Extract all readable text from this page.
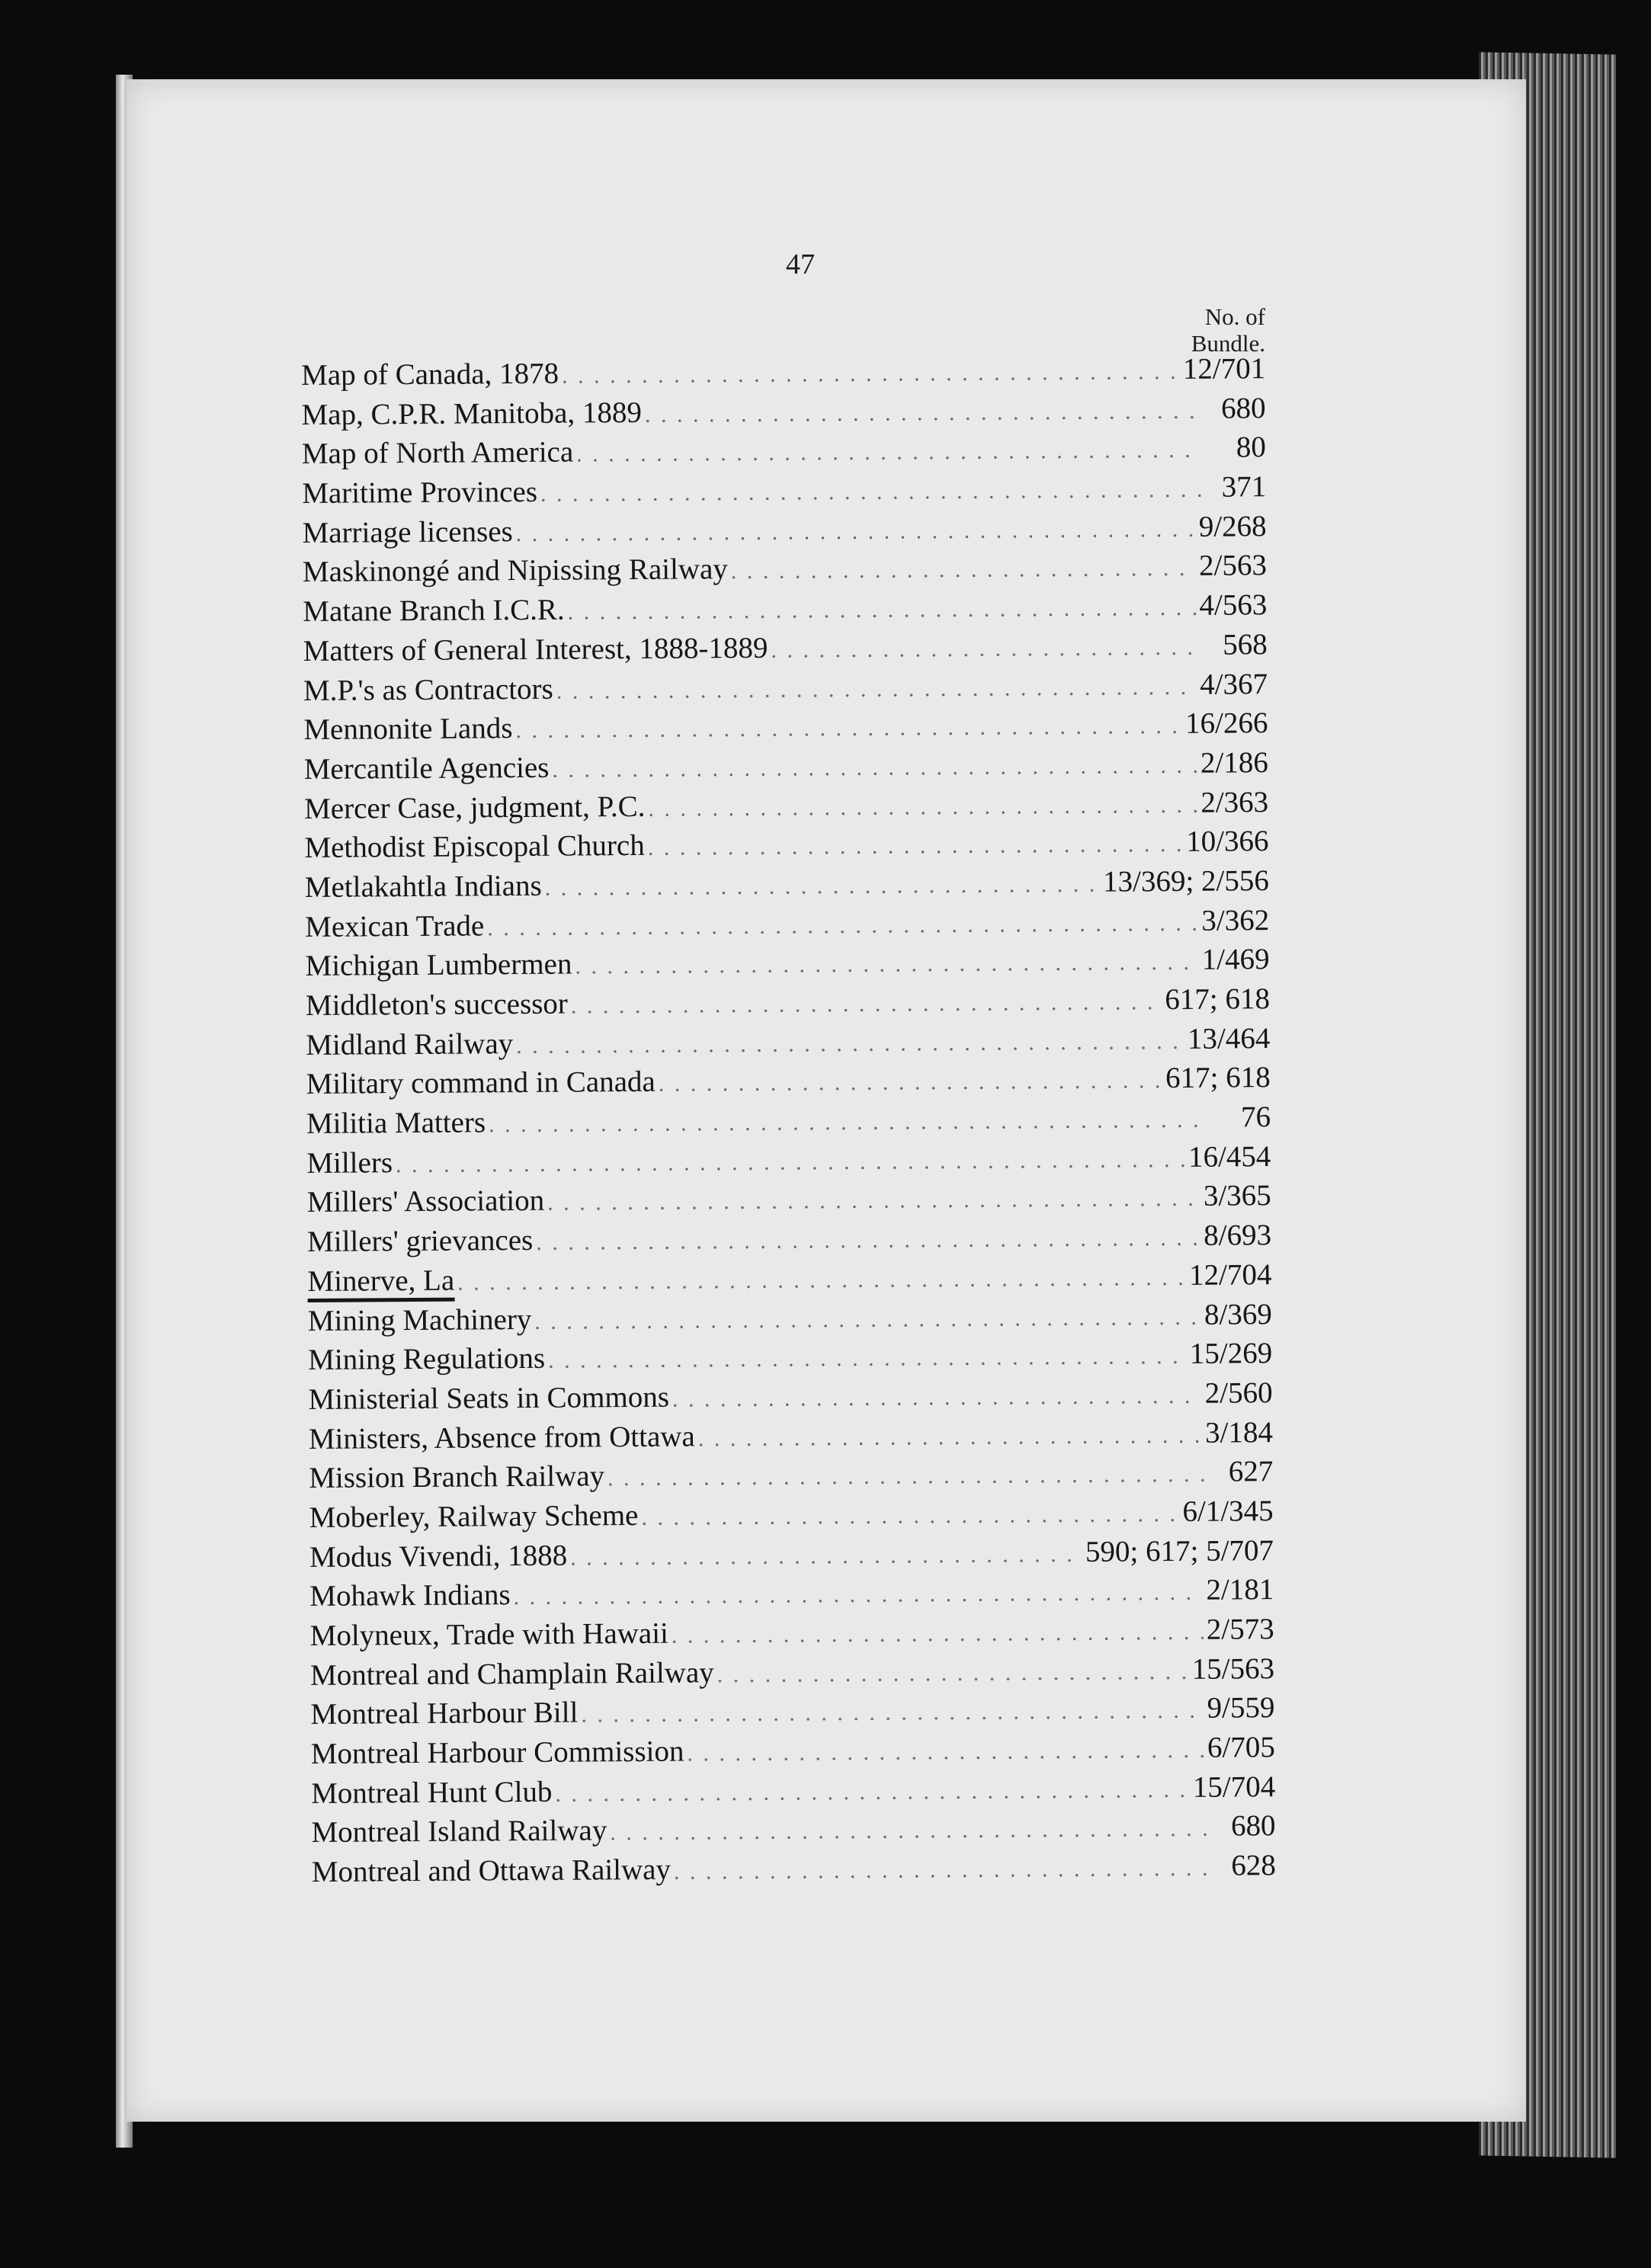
47
No. of
Bundle.
Map of Canada, 1878 . . .	12/701
Map, C.P.R. Manitoba, 1889 . . .	680
Map of North America . . .	80
Maritime Provinces . . .	371
Marriage licenses . . .	9/268
Maskinongé and Nipissing Railway . . .	2/563
Matane Branch I.C.R. . . .	4/563
Matters of General Interest, 1888-1889 . . .	568
M.P.'s as Contractors . . .	4/367
Mennonite Lands . . .	16/266
Mercantile Agencies . . .	2/186
Mercer Case, judgment, P.C. . . .	2/363
Methodist Episcopal Church . . .	10/366
Metlakahtla Indians . . .	13/369; 2/556
Mexican Trade . . .	3/362
Michigan Lumbermen . . .	1/469
Middleton's successor . . .	617; 618
Midland Railway . . .	13/464
Military command in Canada . . .	617; 618
Militia Matters . . .	76
Millers . . .	16/454
Millers' Association . . .	3/365
Millers' grievances . . .	8/693
Minerve, La . . .	12/704
Mining Machinery . . .	8/369
Mining Regulations . . .	15/269
Ministerial Seats in Commons . . .	2/560
Ministers, Absence from Ottawa . . .	3/184
Mission Branch Railway . . .	627
Moberley, Railway Scheme . . .	6/1/345
Modus Vivendi, 1888 . . .	590; 617; 5/707
Mohawk Indians . . .	2/181
Molyneux, Trade with Hawaii . . .	2/573
Montreal and Champlain Railway . . .	15/563
Montreal Harbour Bill . . .	9/559
Montreal Harbour Commission . . .	6/705
Montreal Hunt Club . . .	15/704
Montreal Island Railway . . .	680
Montreal and Ottawa Railway . . .	628
